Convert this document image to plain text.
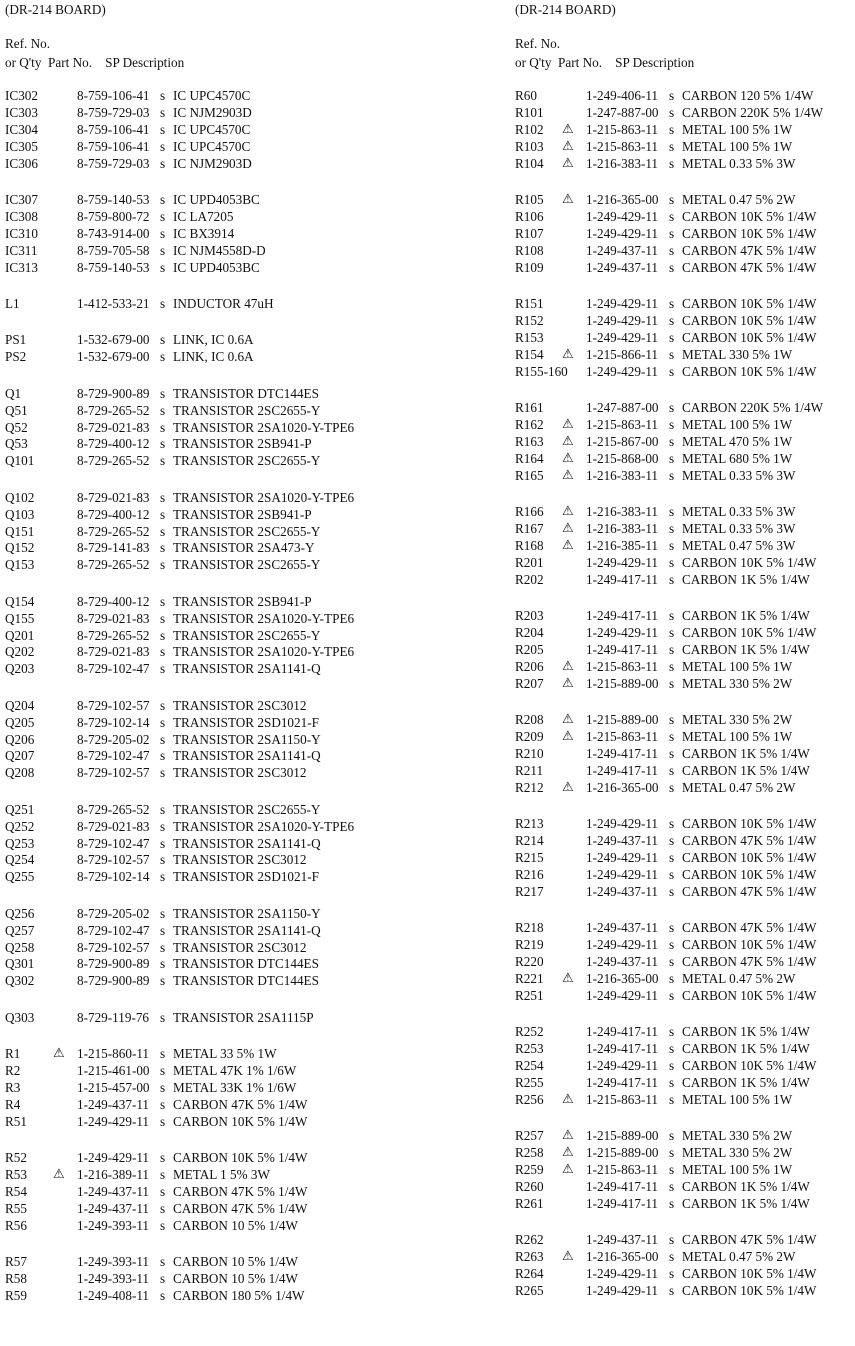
(DR-214 BOARD)
Ref. No.
or Q'ty  Part No.    SP Description
IC302	8-759-106-41 s IC UPC4570C
IC303	8-759-729-03 s IC NJM2903D
IC304	8-759-106-41 s IC UPC4570C
IC305	8-759-106-41 s IC UPC4570C
IC306	8-759-729-03 s IC NJM2903D
IC307	8-759-140-53 s IC UPD4053BC
IC308	8-759-800-72 s IC LA7205
IC310	8-743-914-00 s IC BX3914
IC311	8-759-705-58 s IC NJM4558D-D
IC313	8-759-140-53 s IC UPD4053BC
L1	1-412-533-21 s INDUCTOR 47uH
PS1	1-532-679-00 s LINK, IC 0.6A
PS2	1-532-679-00 s LINK, IC 0.6A
Q1	8-729-900-89 s TRANSISTOR DTC144ES
Q51	8-729-265-52 s TRANSISTOR 2SC2655-Y
Q52	8-729-021-83 s TRANSISTOR 2SA1020-Y-TPE6
Q53	8-729-400-12 s TRANSISTOR 2SB941-P
Q101	8-729-265-52 s TRANSISTOR 2SC2655-Y
Q102	8-729-021-83 s TRANSISTOR 2SA1020-Y-TPE6
Q103	8-729-400-12 s TRANSISTOR 2SB941-P
Q151	8-729-265-52 s TRANSISTOR 2SC2655-Y
Q152	8-729-141-83 s TRANSISTOR 2SA473-Y
Q153	8-729-265-52 s TRANSISTOR 2SC2655-Y
Q154	8-729-400-12 s TRANSISTOR 2SB941-P
Q155	8-729-021-83 s TRANSISTOR 2SA1020-Y-TPE6
Q201	8-729-265-52 s TRANSISTOR 2SC2655-Y
Q202	8-729-021-83 s TRANSISTOR 2SA1020-Y-TPE6
Q203	8-729-102-47 s TRANSISTOR 2SA1141-Q
Q204	8-729-102-57 s TRANSISTOR 2SC3012
Q205	8-729-102-14 s TRANSISTOR 2SD1021-F
Q206	8-729-205-02 s TRANSISTOR 2SA1150-Y
Q207	8-729-102-47 s TRANSISTOR 2SA1141-Q
Q208	8-729-102-57 s TRANSISTOR 2SC3012
Q251	8-729-265-52 s TRANSISTOR 2SC2655-Y
Q252	8-729-021-83 s TRANSISTOR 2SA1020-Y-TPE6
Q253	8-729-102-47 s TRANSISTOR 2SA1141-Q
Q254	8-729-102-57 s TRANSISTOR 2SC3012
Q255	8-729-102-14 s TRANSISTOR 2SD1021-F
Q256	8-729-205-02 s TRANSISTOR 2SA1150-Y
Q257	8-729-102-47 s TRANSISTOR 2SA1141-Q
Q258	8-729-102-57 s TRANSISTOR 2SC3012
Q301	8-729-900-89 s TRANSISTOR DTC144ES
Q302	8-729-900-89 s TRANSISTOR DTC144ES
Q303	8-729-119-76 s TRANSISTOR 2SA1115P
R1	⚠ 1-215-860-11 s METAL 33 5% 1W
R2	1-215-461-00 s METAL 47K 1% 1/6W
R3	1-215-457-00 s METAL 33K 1% 1/6W
R4	1-249-437-11 s CARBON 47K 5% 1/4W
R51	1-249-429-11 s CARBON 10K 5% 1/4W
R52	1-249-429-11 s CARBON 10K 5% 1/4W
R53 ⚠ 1-216-389-11 s METAL 1 5% 3W
R54	1-249-437-11 s CARBON 47K 5% 1/4W
R55	1-249-437-11 s CARBON 47K 5% 1/4W
R56	1-249-393-11 s CARBON 10 5% 1/4W
R57	1-249-393-11 s CARBON 10 5% 1/4W
R58	1-249-393-11 s CARBON 10 5% 1/4W
R59	1-249-408-11 s CARBON 180 5% 1/4W
(DR-214 BOARD)
Ref. No.
or Q'ty  Part No.    SP Description
R60	1-249-406-11 s CARBON 120 5% 1/4W
R101	1-247-887-00 s CARBON 220K 5% 1/4W
R102 ⚠ 1-215-863-11 s METAL 100 5% 1W
R103 ⚠ 1-215-863-11 s METAL 100 5% 1W
R104 ⚠ 1-216-383-11 s METAL 0.33 5% 3W
R105 ⚠ 1-216-365-00 s METAL 0.47 5% 2W
R106	1-249-429-11 s CARBON 10K 5% 1/4W
R107	1-249-429-11 s CARBON 10K 5% 1/4W
R108	1-249-437-11 s CARBON 47K 5% 1/4W
R109	1-249-437-11 s CARBON 47K 5% 1/4W
R151	1-249-429-11 s CARBON 10K 5% 1/4W
R152	1-249-429-11 s CARBON 10K 5% 1/4W
R153	1-249-429-11 s CARBON 10K 5% 1/4W
R154 ⚠ 1-215-866-11 s METAL 330 5% 1W
R155-160 1-249-429-11 s CARBON 10K 5% 1/4W
R161	1-247-887-00 s CARBON 220K 5% 1/4W
R162 ⚠ 1-215-863-11 s METAL 100 5% 1W
R163 ⚠ 1-215-867-00 s METAL 470 5% 1W
R164 ⚠ 1-215-868-00 s METAL 680 5% 1W
R165 ⚠ 1-216-383-11 s METAL 0.33 5% 3W
R166 ⚠ 1-216-383-11 s METAL 0.33 5% 3W
R167 ⚠ 1-216-383-11 s METAL 0.33 5% 3W
R168 ⚠ 1-216-385-11 s METAL 0.47 5% 3W
R201	1-249-429-11 s CARBON 10K 5% 1/4W
R202	1-249-417-11 s CARBON 1K 5% 1/4W
R203	1-249-417-11 s CARBON 1K 5% 1/4W
R204	1-249-429-11 s CARBON 10K 5% 1/4W
R205	1-249-417-11 s CARBON 1K 5% 1/4W
R206 ⚠ 1-215-863-11 s METAL 100 5% 1W
R207 ⚠ 1-215-889-00 s METAL 330 5% 2W
R208 ⚠ 1-215-889-00 s METAL 330 5% 2W
R209 ⚠ 1-215-863-11 s METAL 100 5% 1W
R210	1-249-417-11 s CARBON 1K 5% 1/4W
R211	1-249-417-11 s CARBON 1K 5% 1/4W
R212 ⚠ 1-216-365-00 s METAL 0.47 5% 2W
R213	1-249-429-11 s CARBON 10K 5% 1/4W
R214	1-249-437-11 s CARBON 47K 5% 1/4W
R215	1-249-429-11 s CARBON 10K 5% 1/4W
R216	1-249-429-11 s CARBON 10K 5% 1/4W
R217	1-249-437-11 s CARBON 47K 5% 1/4W
R218	1-249-437-11 s CARBON 47K 5% 1/4W
R219	1-249-429-11 s CARBON 10K 5% 1/4W
R220	1-249-437-11 s CARBON 47K 5% 1/4W
R221 ⚠ 1-216-365-00 s METAL 0.47 5% 2W
R251	1-249-429-11 s CARBON 10K 5% 1/4W
R252	1-249-417-11 s CARBON 1K 5% 1/4W
R253	1-249-417-11 s CARBON 1K 5% 1/4W
R254	1-249-429-11 s CARBON 10K 5% 1/4W
R255	1-249-417-11 s CARBON 1K 5% 1/4W
R256 ⚠ 1-215-863-11 s METAL 100 5% 1W
R257 ⚠ 1-215-889-00 s METAL 330 5% 2W
R258 ⚠ 1-215-889-00 s METAL 330 5% 2W
R259 ⚠ 1-215-863-11 s METAL 100 5% 1W
R260	1-249-417-11 s CARBON 1K 5% 1/4W
R261	1-249-417-11 s CARBON 1K 5% 1/4W
R262	1-249-437-11 s CARBON 47K 5% 1/4W
R263 ⚠ 1-216-365-00 s METAL 0.47 5% 2W
R264	1-249-429-11 s CARBON 10K 5% 1/4W
R265	1-249-429-11 s CARBON 10K 5% 1/4W
